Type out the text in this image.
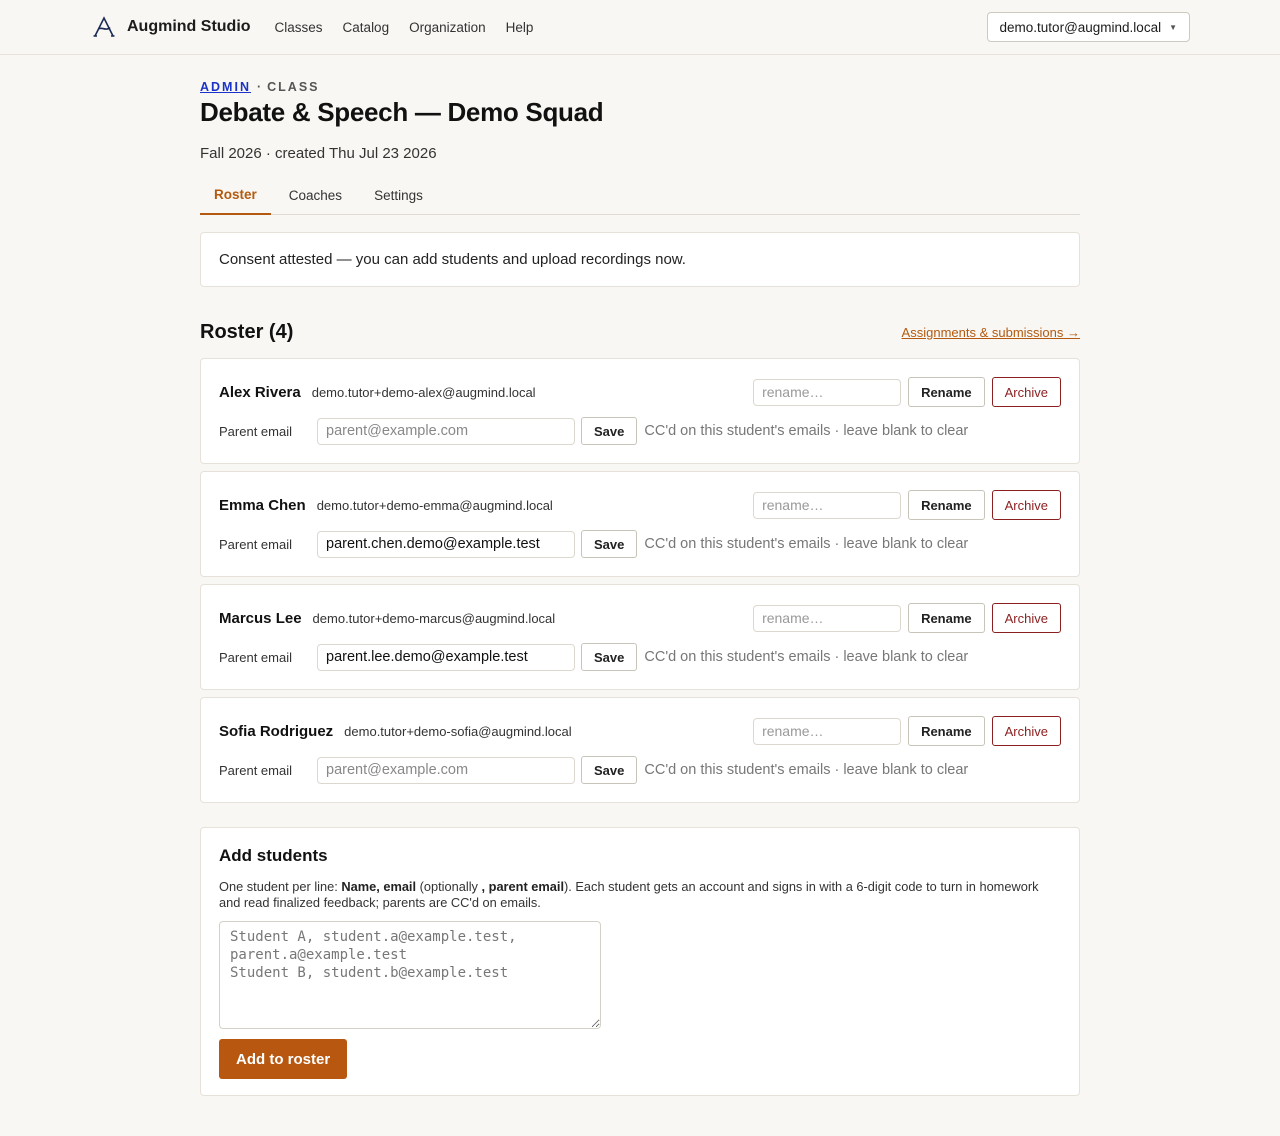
Augmind Studio Classes Catalog Organization Help	demo.tutor@augmind.local ▼
ADMIN · CLASS
Debate & Speech — Demo Squad
Fall 2026 · created Thu Jul 23 2026
Roster	Coaches	Settings
Consent attested — you can add students and upload recordings now.
Roster (4)	Assignments & submissions →
Alex Rivera demo.tutor+demo-alex@augmind.local
rename…	Rename	Archive
Parent email
parent@example.com	Save	CC'd on this student's emails · leave blank to clear
Emma Chen demo.tutor+demo-emma@augmind.local
rename…	Rename	Archive
Parent email
parent.chen.demo@example.test	Save	CC'd on this student's emails · leave blank to clear
Marcus Lee demo.tutor+demo-marcus@augmind.local
rename…	Rename	Archive
Parent email
parent.lee.demo@example.test	Save	CC'd on this student's emails · leave blank to clear
Sofia Rodriguez demo.tutor+demo-sofia@augmind.local
rename…	Rename	Archive
Parent email
parent@example.com	Save	CC'd on this student's emails · leave blank to clear
Add students

One student per line: Name, email (optionally , parent email). Each student gets an account and signs in with a 6-digit code to turn in homework and read finalized feedback; parents are CC'd on emails.

Student A, student.a@example.test, parent.a@example.test Student B, student.b@example.test Add to roster
